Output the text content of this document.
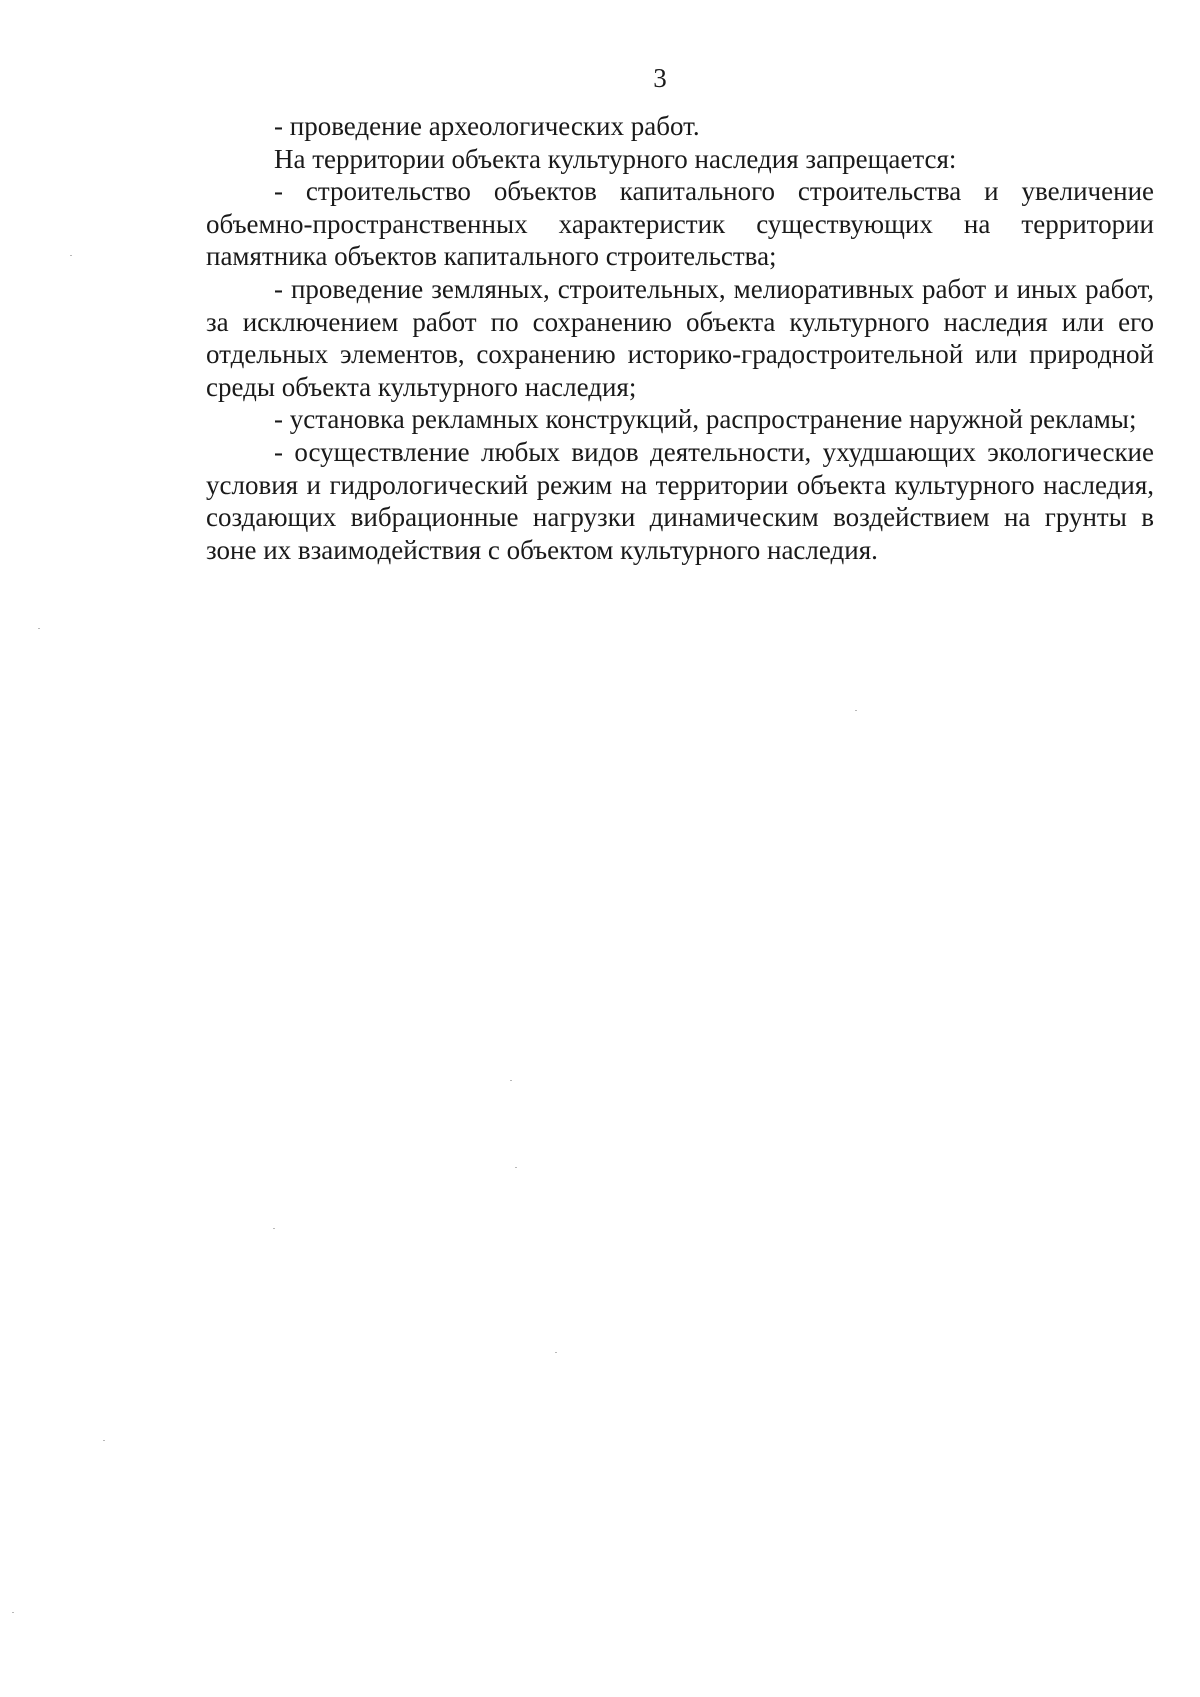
3

- проведение археологических работ.

На территории объекта культурного наследия запрещается:

- строительство объектов капитального строительства и увеличение объемно-пространственных характеристик существующих на территории памятника объектов капитального строительства;

- проведение земляных, строительных, мелиоративных работ и иных работ, за исключением работ по сохранению объекта культурного наследия или его отдельных элементов, сохранению историко-градостроительной или природной среды объекта культурного наследия;

- установка рекламных конструкций, распространение наружной рекламы;

- осуществление любых видов деятельности, ухудшающих экологические условия и гидрологический режим на территории объекта культурного наследия, создающих вибрационные нагрузки динамическим воздействием на грунты в зоне их взаимодействия с объектом культурного наследия.
